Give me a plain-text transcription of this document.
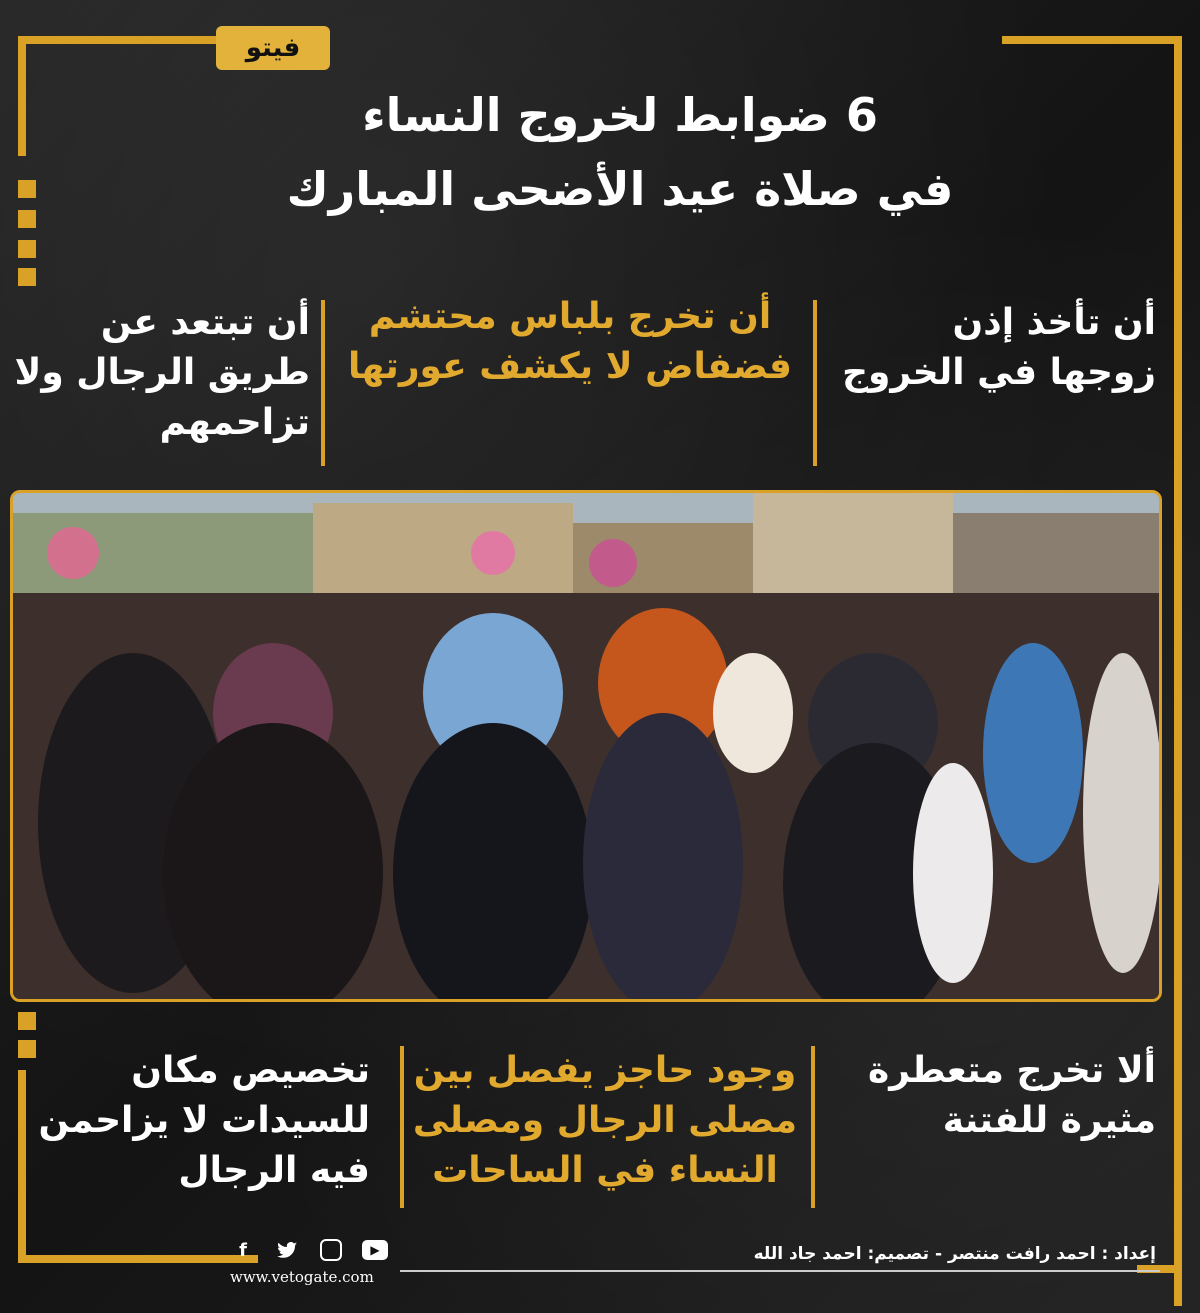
فيتو
6 ضوابط لخروج النساء
في صلاة عيد الأضحى المبارك
أن تأخذ إذن زوجها في الخروج
أن تخرج بلباس محتشم فضفاض لا يكشف عورتها
أن تبتعد عن طريق الرجال ولا تزاحمهم
ألا تخرج متعطرة مثيرة للفتنة
وجود حاجز يفصل بين مصلى الرجال ومصلى النساء في الساحات
تخصيص مكان للسيدات لا يزاحمن فيه الرجال
f	▶
www.vetogate.com
إعداد : احمد رافت منتصر - تصميم: احمد جاد الله
